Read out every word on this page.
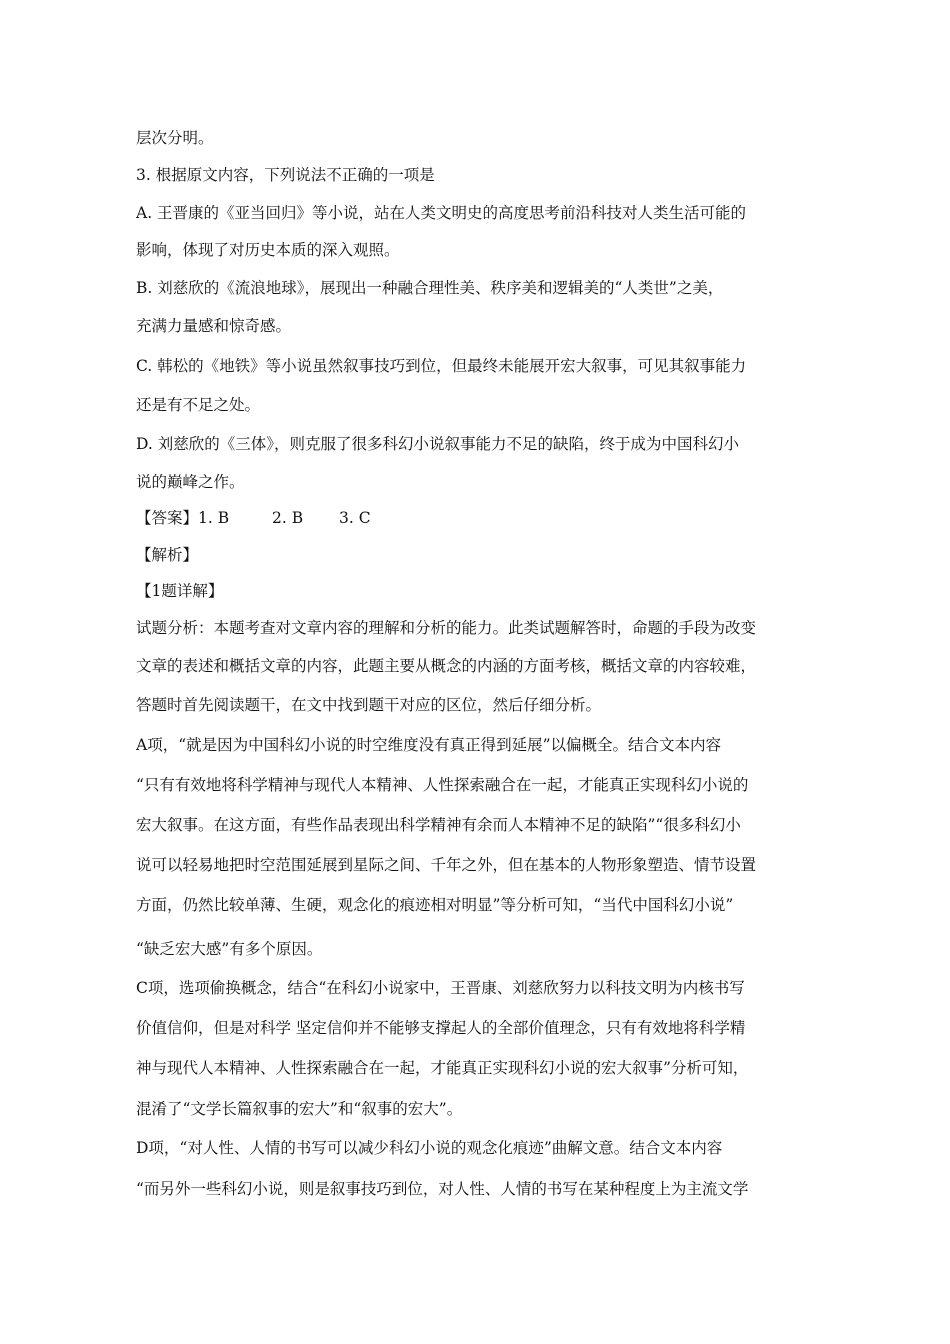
层次分明。
3. 根据原文内容，下列说法不正确的一项是
A. 王晋康的《亚当回归》等小说，站在人类文明史的高度思考前沿科技对人类生活可能的
影响，体现了对历史本质的深入观照。
B. 刘慈欣的《流浪地球》，展现出一种融合理性美、秩序美和逻辑美的“人类世”之美，
充满力量感和惊奇感。
C. 韩松的《地铁》等小说虽然叙事技巧到位，但最终未能展开宏大叙事，可见其叙事能力
还是有不足之处。
D. 刘慈欣的《三体》，则克服了很多科幻小说叙事能力不足的缺陷，终于成为中国科幻小
说的巅峰之作。
【答案】1. B	2. B 3. C
【解析】
【1题详解】
试题分析：本题考查对文章内容的理解和分析的能力。此类试题解答时，命题的手段为改变
文章的表述和概括文章的内容，此题主要从概念的内涵的方面考核，概括文章的内容较难，
答题时首先阅读题干，在文中找到题干对应的区位，然后仔细分析。
A项，“就是因为中国科幻小说的时空维度没有真正得到延展”以偏概全。结合文本内容
“只有有效地将科学精神与现代人本精神、人性探索融合在一起，才能真正实现科幻小说的
宏大叙事。在这方面，有些作品表现出科学精神有余而人本精神不足的缺陷”“很多科幻小
说可以轻易地把时空范围延展到星际之间、千年之外，但在基本的人物形象塑造、情节设置
方面，仍然比较单薄、生硬，观念化的痕迹相对明显”等分析可知，“当代中国科幻小说”
“缺乏宏大感”有多个原因。
C项，选项偷换概念，结合“在科幻小说家中，王晋康、刘慈欣努力以科技文明为内核书写
价值信仰，但是对科学 坚定信仰并不能够支撑起人的全部价值理念，只有有效地将科学精
神与现代人本精神、人性探索融合在一起，才能真正实现科幻小说的宏大叙事”分析可知，
混淆了“文学长篇叙事的宏大”和“叙事的宏大”。
D项，“对人性、人情的书写可以减少科幻小说的观念化痕迹”曲解文意。结合文本内容
“而另外一些科幻小说，则是叙事技巧到位，对人性、人情的书写在某种程度上为主流文学
